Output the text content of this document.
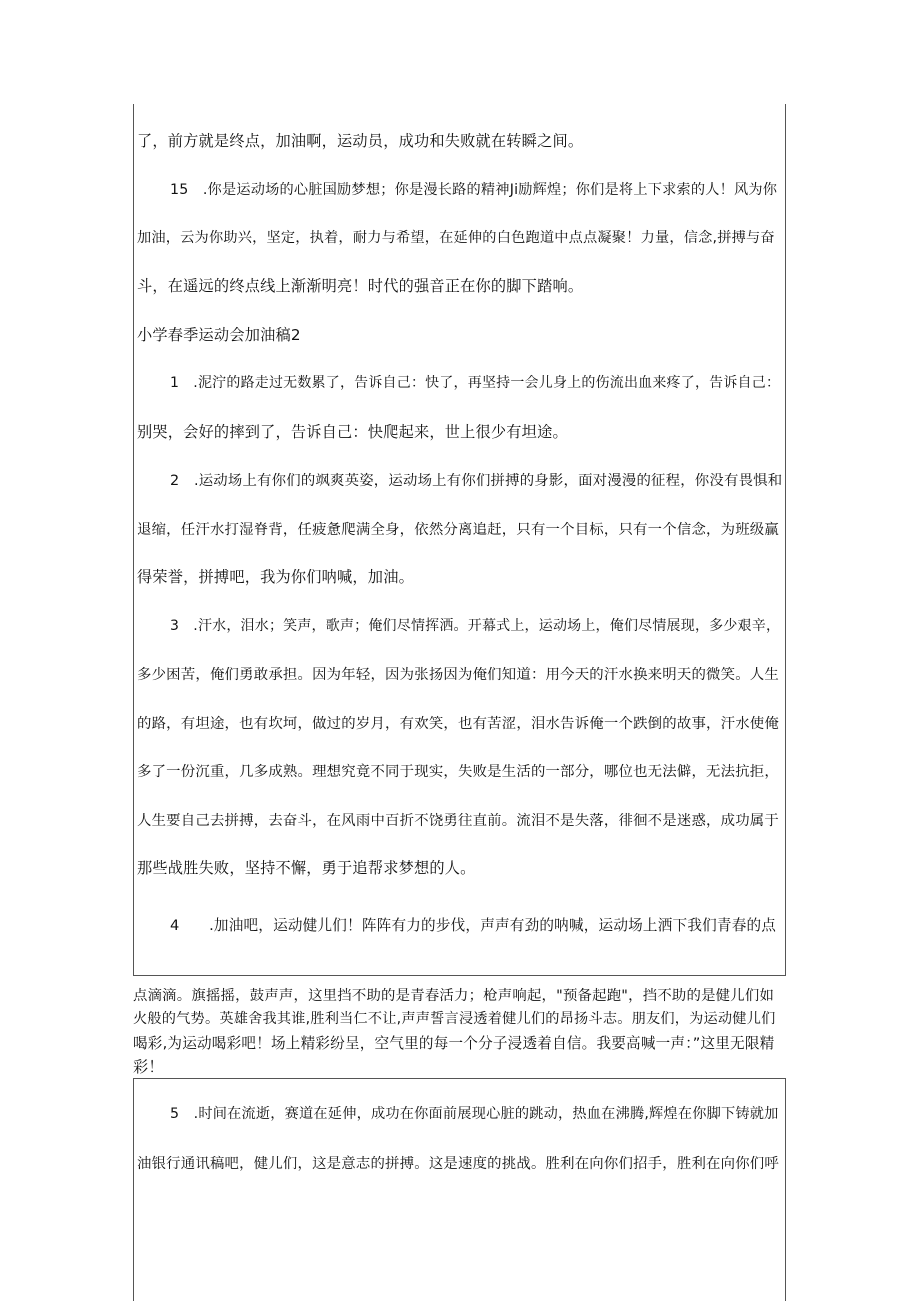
了，前方就是终点，加油啊，运动员，成功和失败就在转瞬之间。
15　.你是运动场的心脏国励梦想；你是漫长路的精神Ji励辉煌；你们是将上下求索的人！风为你
加油，云为你助兴，坚定，执着，耐力与希望，在延伸的白色跑道中点点凝聚！力量，信念,拼搏与奋
斗，在遥远的终点线上渐渐明亮！时代的强音正在你的脚下踏响。
小学春季运动会加油稿2
1　.泥泞的路走过无数累了，告诉自己：快了，再坚持一会儿身上的伤流出血来疼了，告诉自己：
别哭，会好的摔到了，告诉自己：快爬起来，世上很少有坦途。
2　.运动场上有你们的飒爽英姿，运动场上有你们拼搏的身影，面对漫漫的征程，你没有畏惧和
退缩，任汗水打湿脊背，任疲惫爬满全身，依然分离追赶，只有一个目标，只有一个信念，为班级赢
得荣誉，拼搏吧，我为你们呐喊，加油。
3　.汗水，泪水；笑声，歌声；俺们尽情挥洒。开幕式上，运动场上，俺们尽情展现，多少艰辛，
多少困苦，俺们勇敢承担。因为年轻，因为张扬因为俺们知道：用今天的汗水换来明天的微笑。人生
的路，有坦途，也有坎坷，做过的岁月，有欢笑，也有苦涩，泪水告诉俺一个跌倒的故事，汗水使俺
多了一份沉重，几多成熟。理想究竟不同于现实，失败是生活的一部分，哪位也无法僻，无法抗拒，
人生要自己去拼搏，去奋斗，在风雨中百折不饶勇往直前。流泪不是失落，徘徊不是迷惑，成功属于
那些战胜失败，坚持不懈，勇于追帮求梦想的人。
4　　.加油吧，运动健儿们！阵阵有力的步伐，声声有劲的呐喊，运动场上洒下我们青春的点
点滴滴。旗摇摇，鼓声声，这里挡不助的是青春活力；枪声响起，"预备起跑"，挡不助的是健儿们如
火般的气势。英雄舍我其谁,胜利当仁不让,声声誓言浸透着健儿们的昂扬斗志。朋友们，为运动健儿们
喝彩,为运动喝彩吧！场上精彩纷呈，空气里的每一个分子浸透着自信。我要高喊一声：”这里无限精
彩！
5　.时间在流逝，赛道在延伸，成功在你面前展现心脏的跳动，热血在沸腾,辉煌在你脚下铸就加
油银行通讯稿吧，健儿们，这是意志的拼搏。这是速度的挑战。胜利在向你们招手，胜利在向你们呼
